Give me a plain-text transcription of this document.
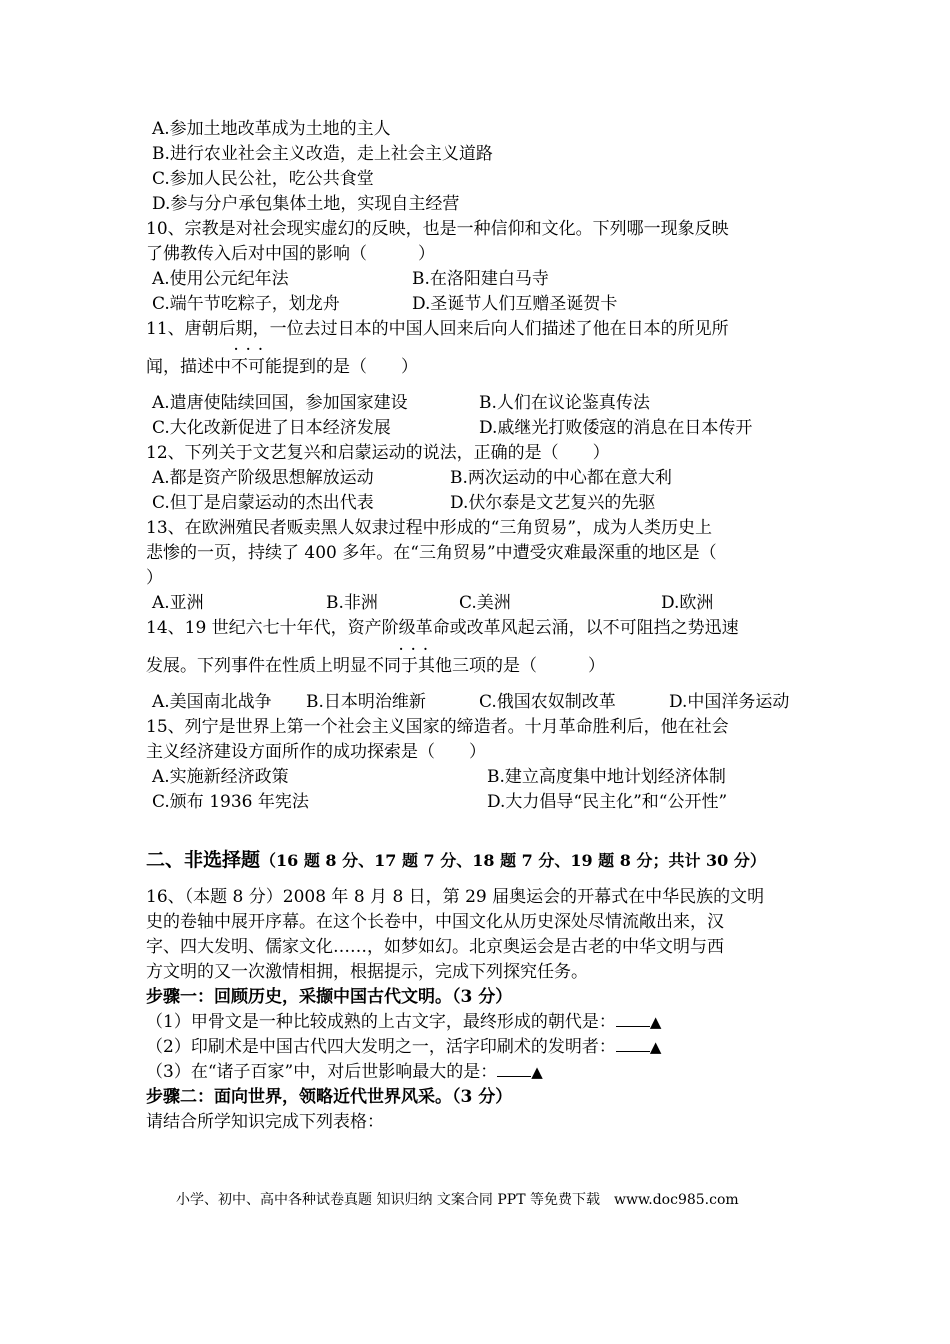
A.参加土地改革成为土地的主人
B.进行农业社会主义改造，走上社会主义道路
C.参加人民公社，吃公共食堂
D.参与分户承包集体土地，实现自主经营
10、宗教是对社会现实虚幻的反映，也是一种信仰和文化。下列哪一现象反映
了佛教传入后对中国的影响（　　　）
A.使用公元纪年法	B.在洛阳建白马寺
C.端午节吃粽子，划龙舟	D.圣诞节人们互赠圣诞贺卡
11、唐朝后期，一位去过日本的中国人回来后向人们描述了他在日本的所见所
···
闻，描述中不可能提到的是（　　）
A.遣唐使陆续回国，参加国家建设	B.人们在议论鉴真传法
C.大化改新促进了日本经济发展	D.戚继光打败倭寇的消息在日本传开
12、下列关于文艺复兴和启蒙运动的说法，正确的是（　　）
A.都是资产阶级思想解放运动	B.两次运动的中心都在意大利
C.但丁是启蒙运动的杰出代表	D.伏尔泰是文艺复兴的先驱
13、在欧洲殖民者贩卖黑人奴隶过程中形成的“三角贸易”，成为人类历史上
悲惨的一页，持续了 400 多年。在“三角贸易”中遭受灾难最深重的地区是（
）
A.亚洲	B.非洲	C.美洲	D.欧洲
14、19 世纪六七十年代，资产阶级革命或改革风起云涌，以不可阻挡之势迅速
···
发展。下列事件在性质上明显不同于其他三项的是（　　　）
A.美国南北战争 B.日本明治维新	C.俄国农奴制改革	D.中国洋务运动
15、列宁是世界上第一个社会主义国家的缔造者。十月革命胜利后，他在社会
主义经济建设方面所作的成功探索是（　　）
A.实施新经济政策	B.建立高度集中地计划经济体制
C.颁布 1936 年宪法	D.大力倡导“民主化”和“公开性”
二、非选择题（16 题 8 分、17 题 7 分、18 题 7 分、19 题 8 分；共计 30 分）
16、（本题 8 分）2008 年 8 月 8 日，第 29 届奥运会的开幕式在中华民族的文明
史的卷轴中展开序幕。在这个长卷中，中国文化从历史深处尽情流敞出来，汉
字、四大发明、儒家文化……，如梦如幻。北京奥运会是古老的中华文明与西
方文明的又一次激情相拥，根据提示，完成下列探究任务。
步骤一：回顾历史，采撷中国古代文明。（3 分）
（1）甲骨文是一种比较成熟的上古文字，最终形成的朝代是： ▲
（2）印刷术是中国古代四大发明之一，活字印刷术的发明者： ▲
（3）在“诸子百家”中，对后世影响最大的是： ▲
步骤二：面向世界，领略近代世界风采。（3 分）
请结合所学知识完成下列表格：
小学、初中、高中各种试卷真题 知识归纳 文案合同 PPT 等免费下载　www.doc985.com
